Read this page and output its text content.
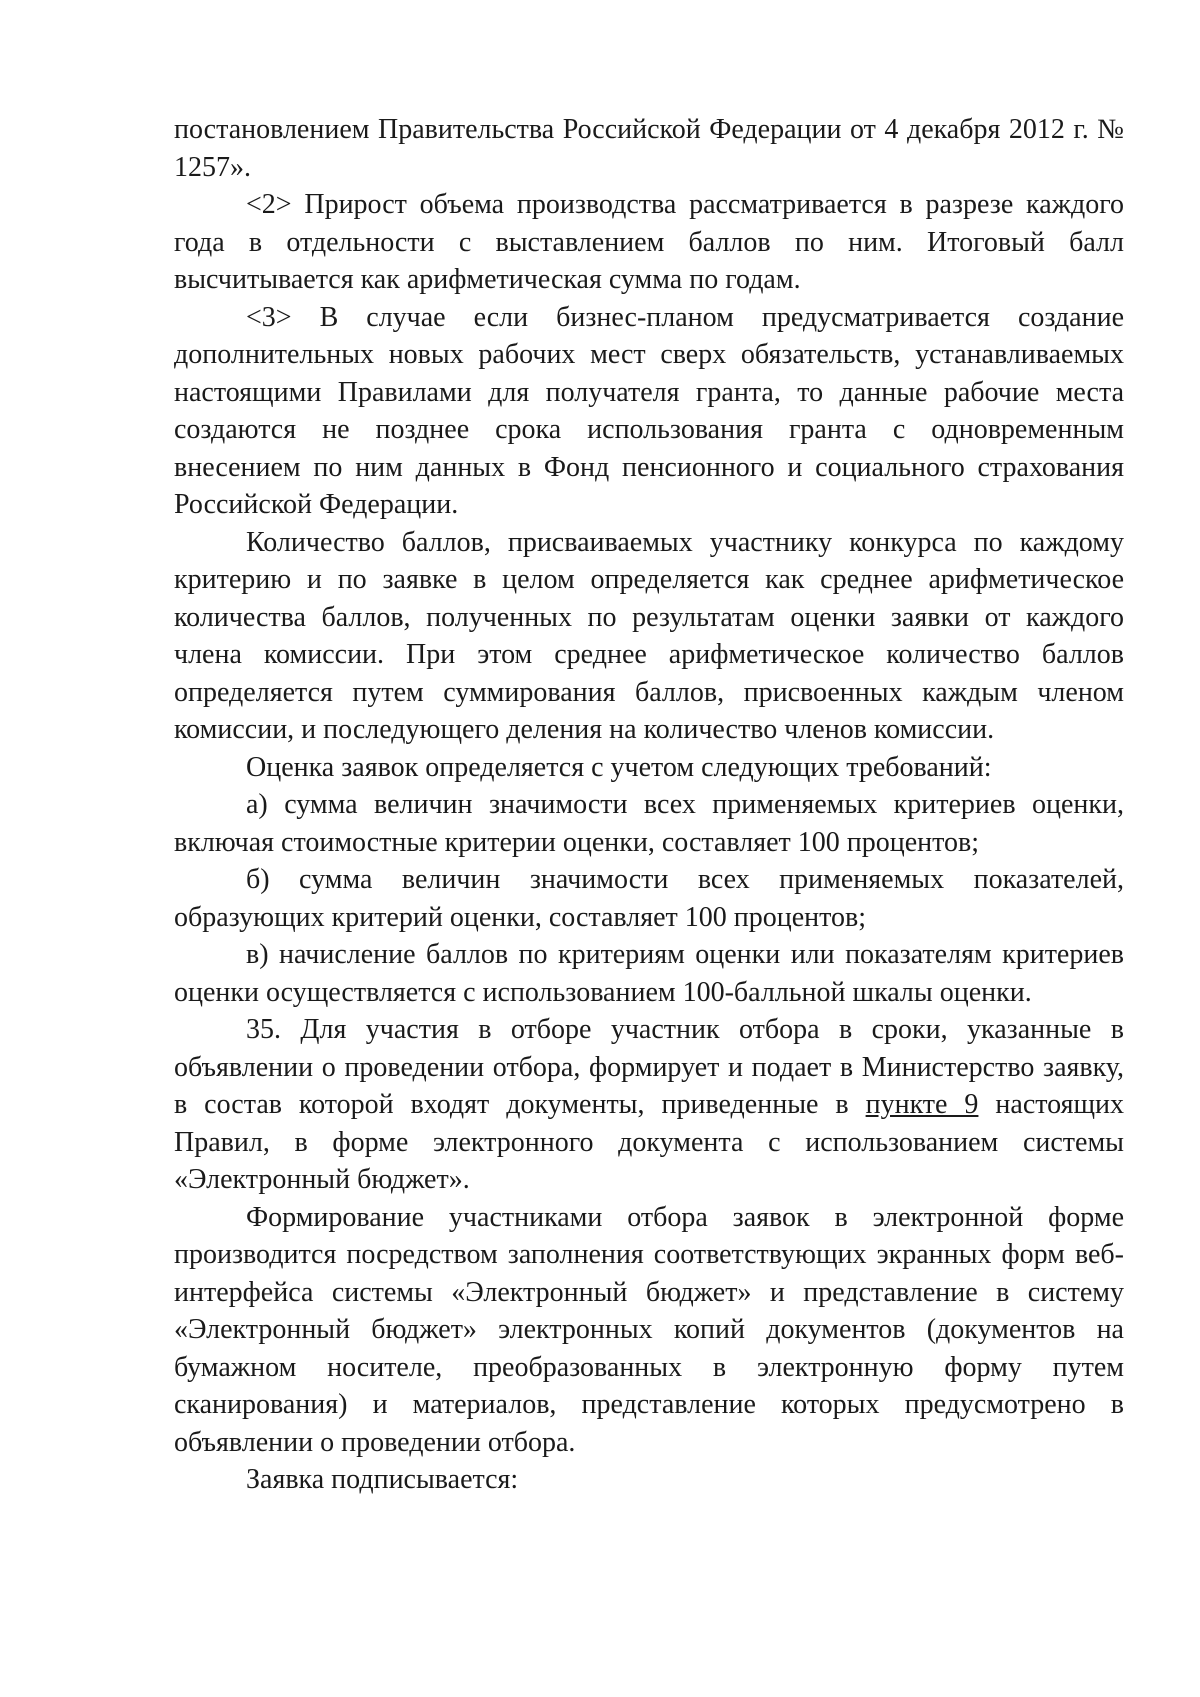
постановлением Правительства Российской Федерации от 4 декабря 2012 г. № 1257».

<2> Прирост объема производства рассматривается в разрезе каждого года в отдельности с выставлением баллов по ним. Итоговый балл высчитывается как арифметическая сумма по годам.

<3> В случае если бизнес-планом предусматривается создание дополнительных новых рабочих мест сверх обязательств, устанавливаемых настоящими Правилами для получателя гранта, то данные рабочие места создаются не позднее срока использования гранта с одновременным внесением по ним данных в Фонд пенсионного и социального страхования Российской Федерации.

Количество баллов, присваиваемых участнику конкурса по каждому критерию и по заявке в целом определяется как среднее арифметическое количества баллов, полученных по результатам оценки заявки от каждого члена комиссии. При этом среднее арифметическое количество баллов определяется путем суммирования баллов, присвоенных каждым членом комиссии, и последующего деления на количество членов комиссии.

Оценка заявок определяется с учетом следующих требований:

а) сумма величин значимости всех применяемых критериев оценки, включая стоимостные критерии оценки, составляет 100 процентов;

б) сумма величин значимости всех применяемых показателей, образующих критерий оценки, составляет 100 процентов;

в) начисление баллов по критериям оценки или показателям критериев оценки осуществляется с использованием 100-балльной шкалы оценки.

35. Для участия в отборе участник отбора в сроки, указанные в объявлении о проведении отбора, формирует и подает в Министерство заявку, в состав которой входят документы, приведенные в пункте 9 настоящих Правил, в форме электронного документа с использованием системы «Электронный бюджет».

Формирование участниками отбора заявок в электронной форме производится посредством заполнения соответствующих экранных форм веб-интерфейса системы «Электронный бюджет» и представление в систему «Электронный бюджет» электронных копий документов (документов на бумажном носителе, преобразованных в электронную форму путем сканирования) и материалов, представление которых предусмотрено в объявлении о проведении отбора.

Заявка подписывается:
